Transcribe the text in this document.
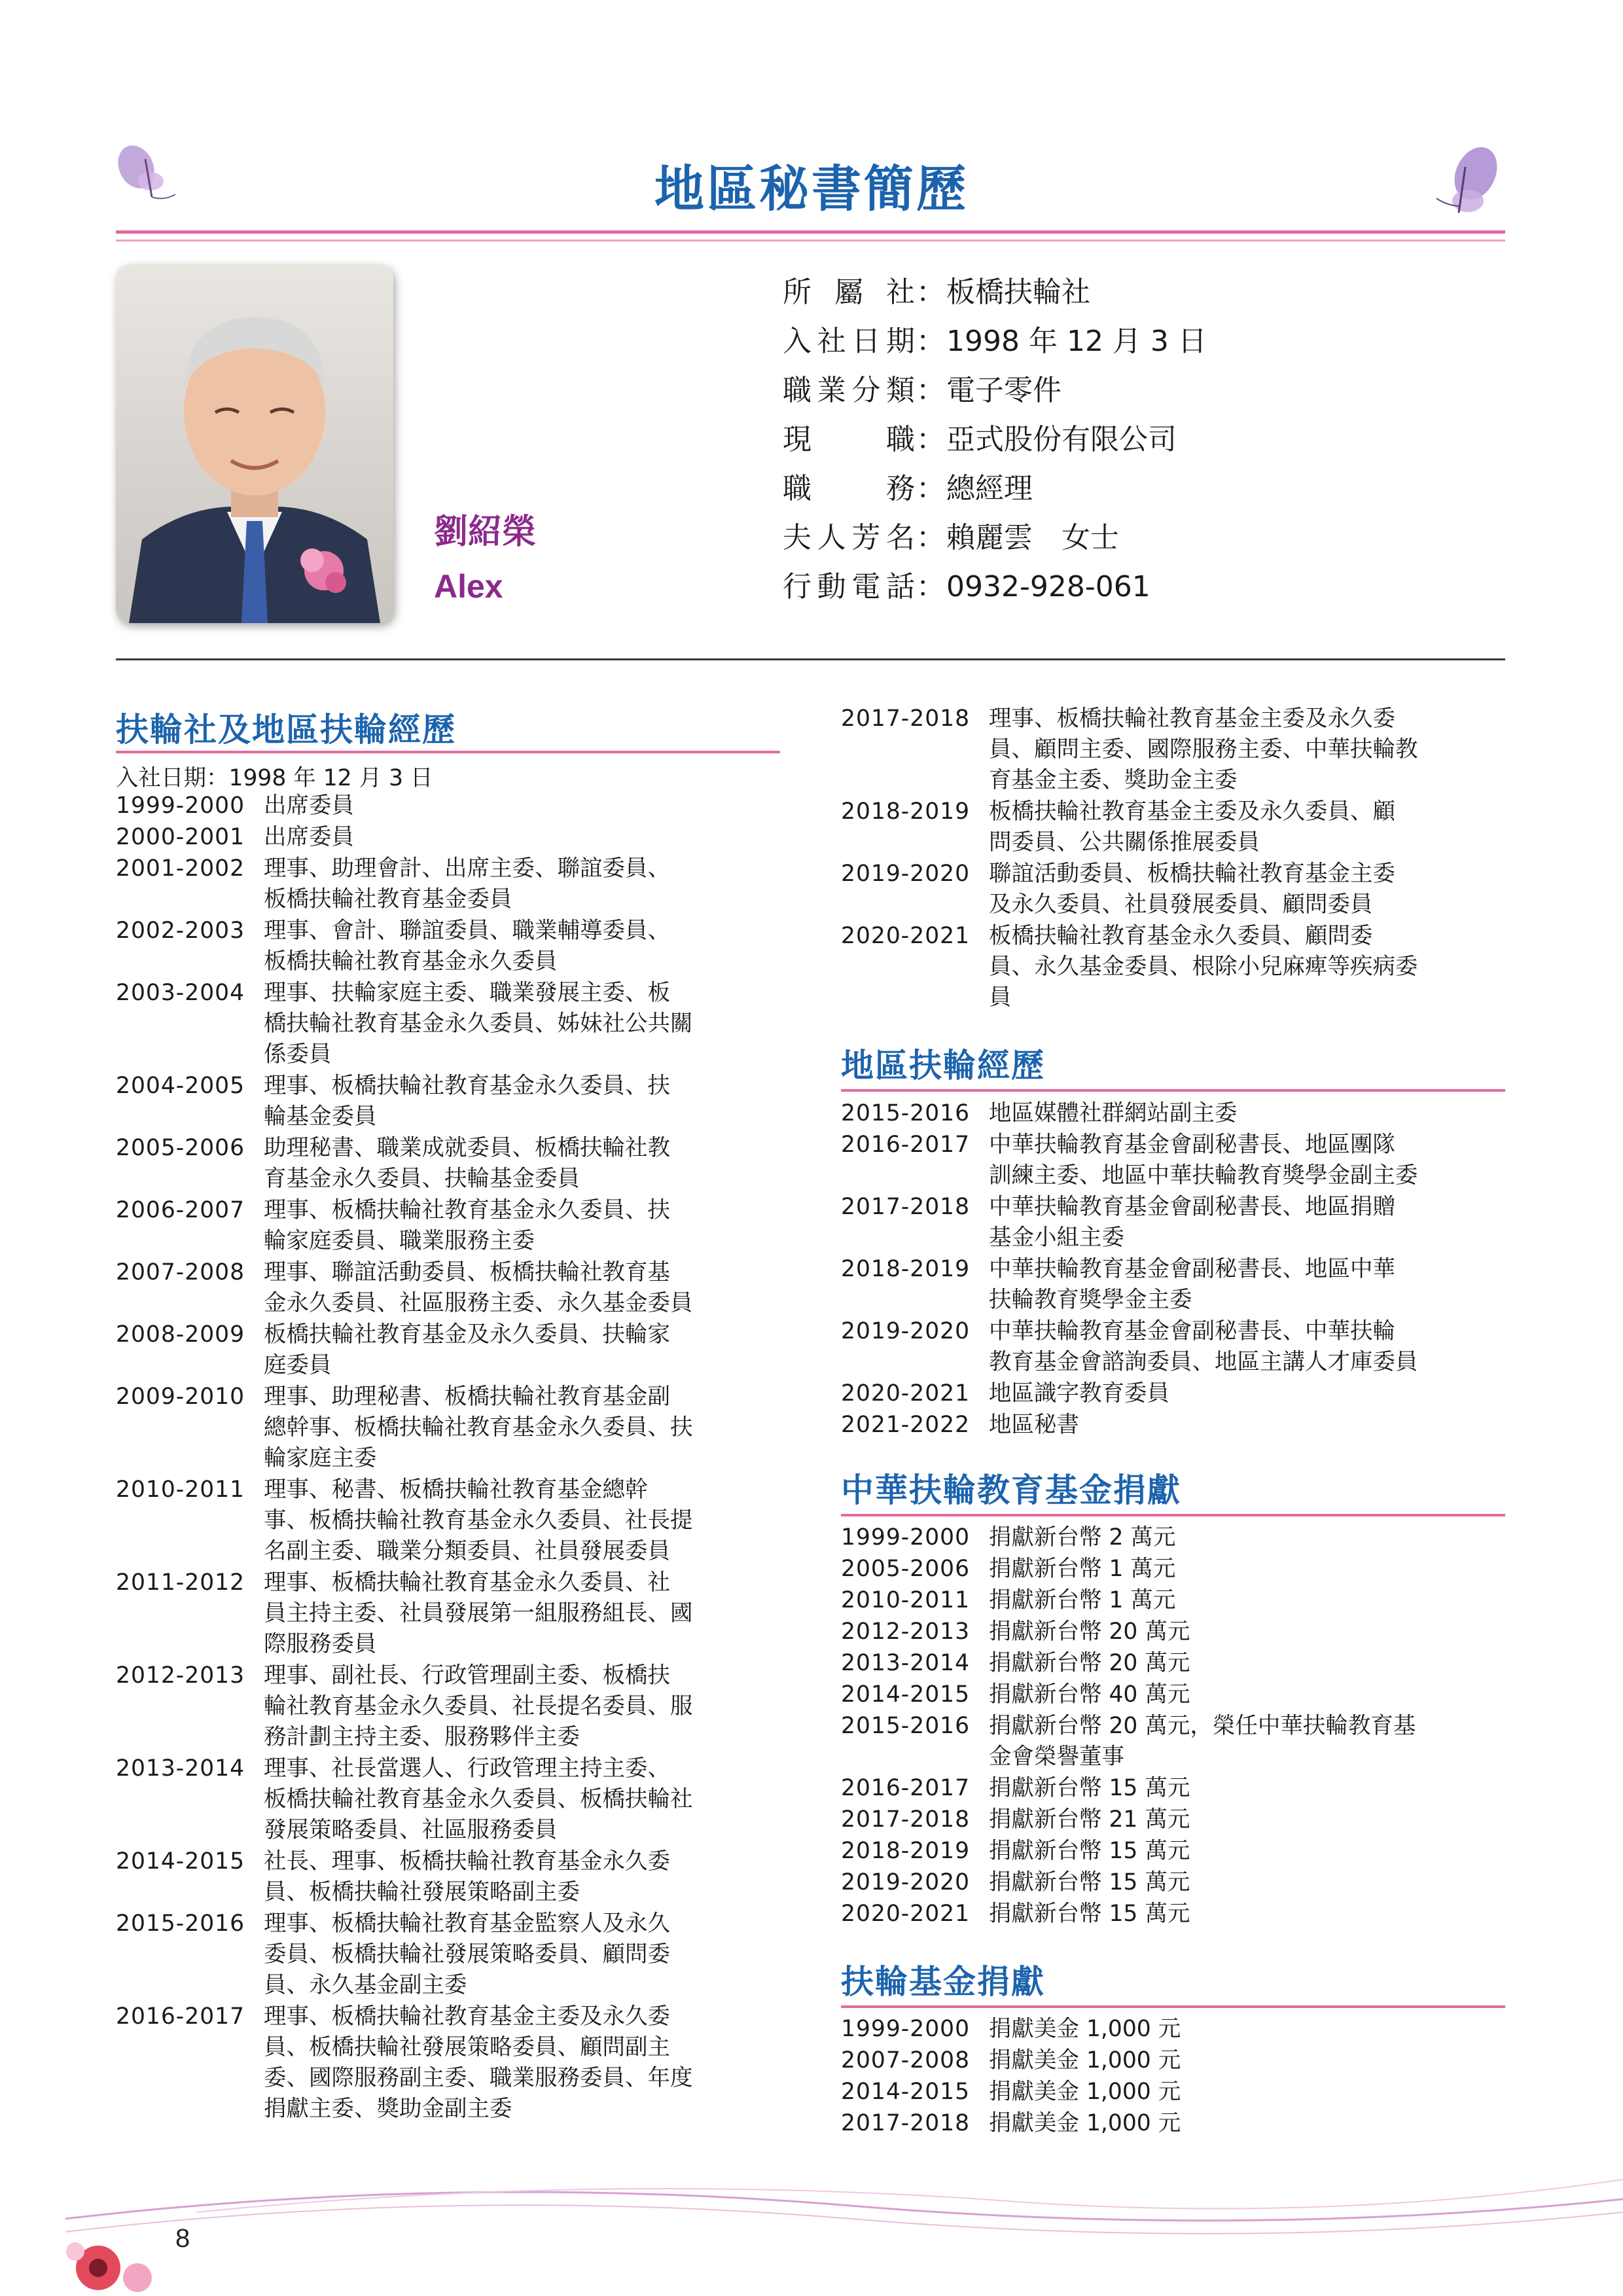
地區秘書簡歷
劉紹榮
Alex
所屬社：板橋扶輪社
入社日期：1998 年 12 月 3 日
職業分類：電子零件
現職：亞式股份有限公司
職務：總經理
夫人芳名：賴麗雲　女士
行動電話：0932-928-061
扶輪社及地區扶輪經歷
入社日期：1998 年 12 月 3 日
1999-2000 出席委員
2000-2001 出席委員
2001-2002 理事、助理會計、出席主委、聯誼委員、
板橋扶輪社教育基金委員
2002-2003 理事、會計、聯誼委員、職業輔導委員、
板橋扶輪社教育基金永久委員
2003-2004 理事、扶輪家庭主委、職業發展主委、板
橋扶輪社教育基金永久委員、姊妹社公共關
係委員
2004-2005 理事、板橋扶輪社教育基金永久委員、扶
輪基金委員
2005-2006 助理秘書、職業成就委員、板橋扶輪社教
育基金永久委員、扶輪基金委員
2006-2007 理事、板橋扶輪社教育基金永久委員、扶
輪家庭委員、職業服務主委
2007-2008 理事、聯誼活動委員、板橋扶輪社教育基
金永久委員、社區服務主委、永久基金委員
2008-2009 板橋扶輪社教育基金及永久委員、扶輪家
庭委員
2009-2010 理事、助理秘書、板橋扶輪社教育基金副
總幹事、板橋扶輪社教育基金永久委員、扶
輪家庭主委
2010-2011 理事、秘書、板橋扶輪社教育基金總幹
事、板橋扶輪社教育基金永久委員、社長提
名副主委、職業分類委員、社員發展委員
2011-2012 理事、板橋扶輪社教育基金永久委員、社
員主持主委、社員發展第一組服務組長、國
際服務委員
2012-2013 理事、副社長、行政管理副主委、板橋扶
輪社教育基金永久委員、社長提名委員、服
務計劃主持主委、服務夥伴主委
2013-2014 理事、社長當選人、行政管理主持主委、
板橋扶輪社教育基金永久委員、板橋扶輪社
發展策略委員、社區服務委員
2014-2015 社長、理事、板橋扶輪社教育基金永久委
員、板橋扶輪社發展策略副主委
2015-2016 理事、板橋扶輪社教育基金監察人及永久
委員、板橋扶輪社發展策略委員、顧問委
員、永久基金副主委
2016-2017 理事、板橋扶輪社教育基金主委及永久委
員、板橋扶輪社發展策略委員、顧問副主
委、國際服務副主委、職業服務委員、年度
捐獻主委、獎助金副主委
2017-2018 理事、板橋扶輪社教育基金主委及永久委
員、顧問主委、國際服務主委、中華扶輪教
育基金主委、獎助金主委
2018-2019 板橋扶輪社教育基金主委及永久委員、顧
問委員、公共關係推展委員
2019-2020 聯誼活動委員、板橋扶輪社教育基金主委
及永久委員、社員發展委員、顧問委員
2020-2021 板橋扶輪社教育基金永久委員、顧問委
員、永久基金委員、根除小兒麻痺等疾病委
員
地區扶輪經歷
2015-2016 地區媒體社群網站副主委
2016-2017 中華扶輪教育基金會副秘書長、地區團隊
訓練主委、地區中華扶輪教育獎學金副主委
2017-2018 中華扶輪教育基金會副秘書長、地區捐贈
基金小組主委
2018-2019 中華扶輪教育基金會副秘書長、地區中華
扶輪教育獎學金主委
2019-2020 中華扶輪教育基金會副秘書長、中華扶輪
教育基金會諮詢委員、地區主講人才庫委員
2020-2021 地區識字教育委員
2021-2022 地區秘書
中華扶輪教育基金捐獻
1999-2000 捐獻新台幣 2 萬元
2005-2006 捐獻新台幣 1 萬元
2010-2011 捐獻新台幣 1 萬元
2012-2013 捐獻新台幣 20 萬元
2013-2014 捐獻新台幣 20 萬元
2014-2015 捐獻新台幣 40 萬元
2015-2016 捐獻新台幣 20 萬元，榮任中華扶輪教育基
金會榮譽董事
2016-2017 捐獻新台幣 15 萬元
2017-2018 捐獻新台幣 21 萬元
2018-2019 捐獻新台幣 15 萬元
2019-2020 捐獻新台幣 15 萬元
2020-2021 捐獻新台幣 15 萬元
扶輪基金捐獻
1999-2000 捐獻美金 1,000 元
2007-2008 捐獻美金 1,000 元
2014-2015 捐獻美金 1,000 元
2017-2018 捐獻美金 1,000 元
8
